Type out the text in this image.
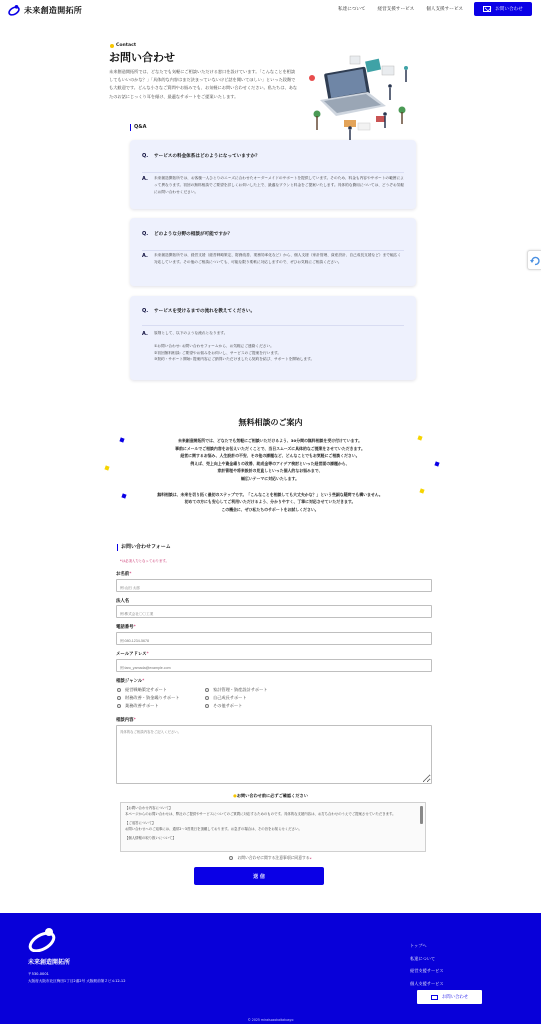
未来創造開拓所	私達について	経営支援サービス	個人支援サービス	お問い合わせ
Contact
お問い合わせ
未来創造開拓所では、どなたでも気軽にご相談いただける窓口を設けています。「こんなことを相談してもいいのかな？」「具体的な内容はまだ決まっていないけど話を聞いてほしい」といった段階でも大歓迎です。どんな小さなご質問やお悩みでも、お気軽にお問い合わせください。私たちは、あなたのお話にじっくり耳を傾け、最適なサポートをご提案いたします。
Q&A
Q.	サービスの料金体系はどのようになっていますか？
A.	未来創造開拓所では、お客様一人ひとりのニーズに合わせたオーダーメイドのサポートを提供しています。そのため、料金も内容やサポートの範囲によって異なります。初回の無料相談でご要望を詳しくお伺いした上で、最適なプランと料金をご提案いたします。具体的な費用については、どうぞお気軽にお問い合わせください。
Q.	どのような分野の相談が可能ですか？
A.	未来創造開拓所では、経営支援（経営戦略策定、財務改善、業務効率化など）から、個人支援（家計管理、資産設計、自己成長支援など）まで幅広く対応しています。その他のご相談についても、可能な限り柔軟に対応しますので、ぜひお気軽にご相談ください。
Q.	サービスを受けるまでの流れを教えてください。
A.	原則として、以下のような流れとなります。
①お問い合わせ: お問い合わせフォームから、お気軽にご連絡ください。
②初回無料相談: ご要望やお悩みをお伺いし、サービスのご提案を行います。
③契約・サポート開始: 提案内容にご納得いただけましたら契約を結び、サポートを開始します。
無料相談のご案内
未来創造開拓所では、どなたでも気軽にご相談いただけるよう、30分間の無料相談を受け付けています。
事前にメールでご相談内容をお伝えいただくことで、当日スムーズに具体的なご提案をさせていただきます。
経営に関するお悩み、人生設計の不安、その他の課題など、どんなことでもお気軽にご相談ください。
例えば、売上向上や資金繰りの改善、助成金等のアイデア検討といった経営面の課題から、
家計管理や将来設計の見直しといった個人的なお悩みまで、
幅広いテーマに対応いたします。
無料相談は、未来を切り拓く最初のステップです。「こんなことを相談しても大丈夫かな？」という些細な疑問でも構いません。
初めての方にも安心してご利用いただけるよう、分かりやすく、丁寧に対応させていただきます。
この機会に、ぜひ私たちのサポートをお試しください。
お問い合わせフォーム
*は必須入力となっております。
お名前*
例:山田 太郎
法人名
例:株式会社〇〇工業
電話番号*
例:080-1234-5678
メールアドレス*
例:taro_yamada@example.com
相談ジャンル*
経営戦略策定サポート
財務改善・資金繰りサポート
業務改善サポート
家計管理・資産設計サポート
自己成長サポート
その他サポート
相談内容*
具体的なご相談内容をご記入ください。
●お問い合わせ前に必ずご確認ください
【お問い合わせ内容について】
本ページからのお問い合わせは、弊社のご提供やサービスについてのご質問に対応するためのものです。具体的な支援内容は、お打ち合わせのうえでご提案させていただきます。
【ご返答について】
お問い合わせへのご返事には、通常2〜3営業日を頂戴しております。お急ぎの場合は、その旨をお知らせください。
【個人情報の取り扱いについて】
お問い合わせに関する注意事項に同意する *
送 信
未来創造開拓所
〒530-0001
大阪府大阪市北区梅田1丁目2番2号 大阪駅前第２ビル12-12
トップへ
私達について
経営支援サービス
個人支援サービス
お問い合わせ
© 2025 miraisozokaitakusyo
